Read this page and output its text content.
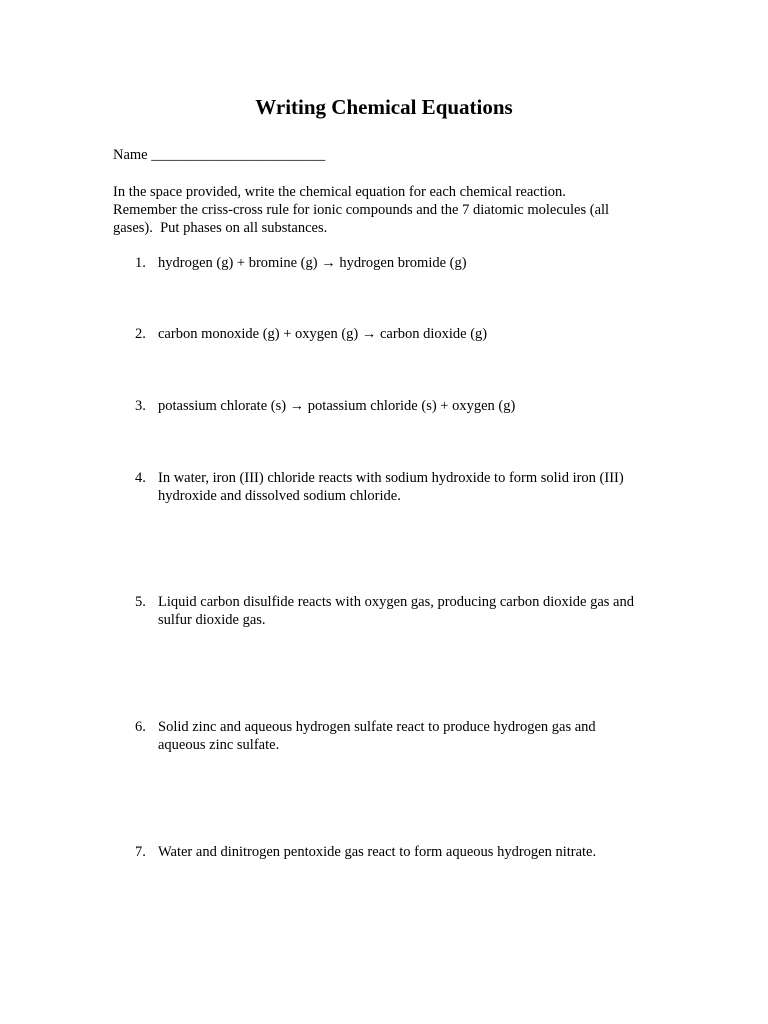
Writing Chemical Equations
Name ________________________
In the space provided, write the chemical equation for each chemical reaction.
Remember the criss-cross rule for ionic compounds and the 7 diatomic molecules (all
gases).  Put phases on all substances.
1. hydrogen (g) + bromine (g) → hydrogen bromide (g)
2. carbon monoxide (g) + oxygen (g) → carbon dioxide (g)
3. potassium chlorate (s) → potassium chloride (s) + oxygen (g)
4. In water, iron (III) chloride reacts with sodium hydroxide to form solid iron (III)
hydroxide and dissolved sodium chloride.
5. Liquid carbon disulfide reacts with oxygen gas, producing carbon dioxide gas and
sulfur dioxide gas.
6. Solid zinc and aqueous hydrogen sulfate react to produce hydrogen gas and
aqueous zinc sulfate.
7. Water and dinitrogen pentoxide gas react to form aqueous hydrogen nitrate.
